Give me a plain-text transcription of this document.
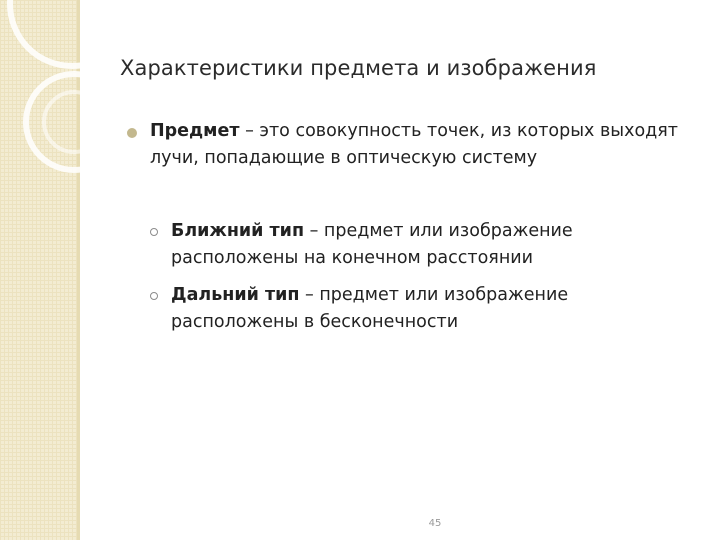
Характеристики предмета и изображения
Предмет – это совокупность точек, из которых выходят лучи, попадающие в оптическую систему
Ближний тип – предмет или изображение расположены на конечном расстоянии
Дальний тип – предмет или изображение расположены в бесконечности
45
